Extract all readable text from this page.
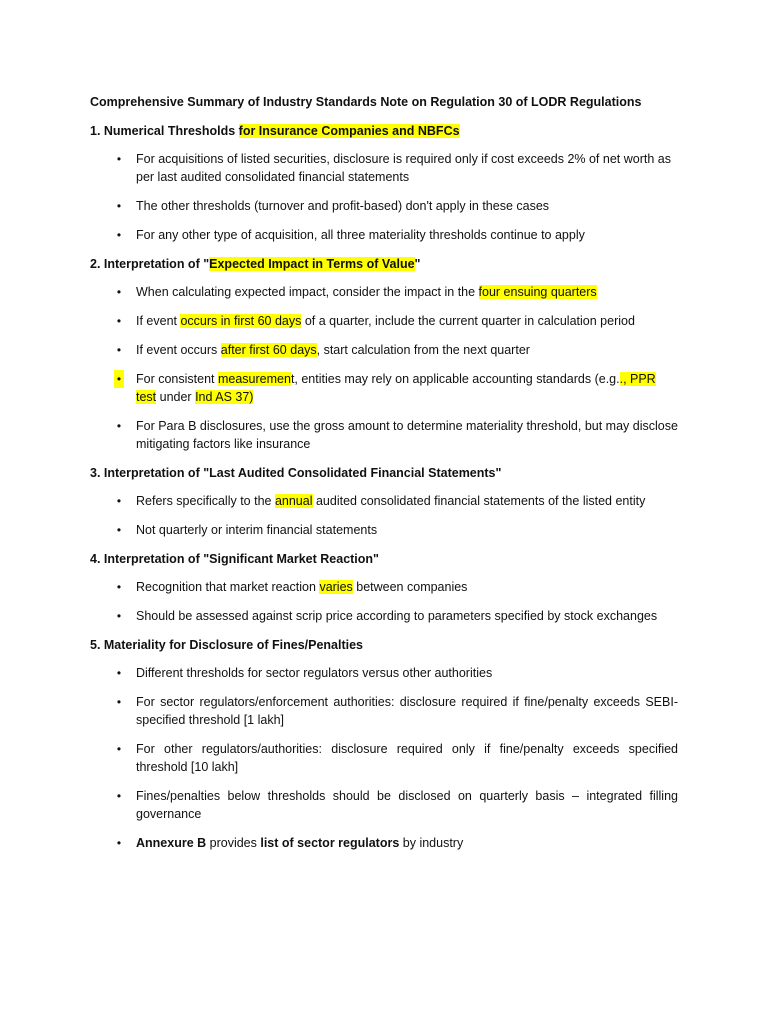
Comprehensive Summary of Industry Standards Note on Regulation 30 of LODR Regulations

1. Numerical Thresholds for Insurance Companies and NBFCs

• For acquisitions of listed securities, disclosure is required only if cost exceeds 2% of net worth as per last audited consolidated financial statements
• The other thresholds (turnover and profit-based) don't apply in these cases
• For any other type of acquisition, all three materiality thresholds continue to apply

2. Interpretation of "Expected Impact in Terms of Value"

• When calculating expected impact, consider the impact in the four ensuing quarters
• If event occurs in first 60 days of a quarter, include the current quarter in calculation period
• If event occurs after first 60 days, start calculation from the next quarter
• For consistent measurement, entities may rely on applicable accounting standards (e.g.., PPR test under Ind AS 37)
• For Para B disclosures, use the gross amount to determine materiality threshold, but may disclose mitigating factors like insurance

3. Interpretation of "Last Audited Consolidated Financial Statements"

• Refers specifically to the annual audited consolidated financial statements of the listed entity
• Not quarterly or interim financial statements

4. Interpretation of "Significant Market Reaction"

• Recognition that market reaction varies between companies
• Should be assessed against scrip price according to parameters specified by stock exchanges

5. Materiality for Disclosure of Fines/Penalties

• Different thresholds for sector regulators versus other authorities
• For sector regulators/enforcement authorities: disclosure required if fine/penalty exceeds SEBI-specified threshold [1 lakh]
• For other regulators/authorities: disclosure required only if fine/penalty exceeds specified threshold [10 lakh]
• Fines/penalties below thresholds should be disclosed on quarterly basis – integrated filling governance
• Annexure B provides list of sector regulators by industry
